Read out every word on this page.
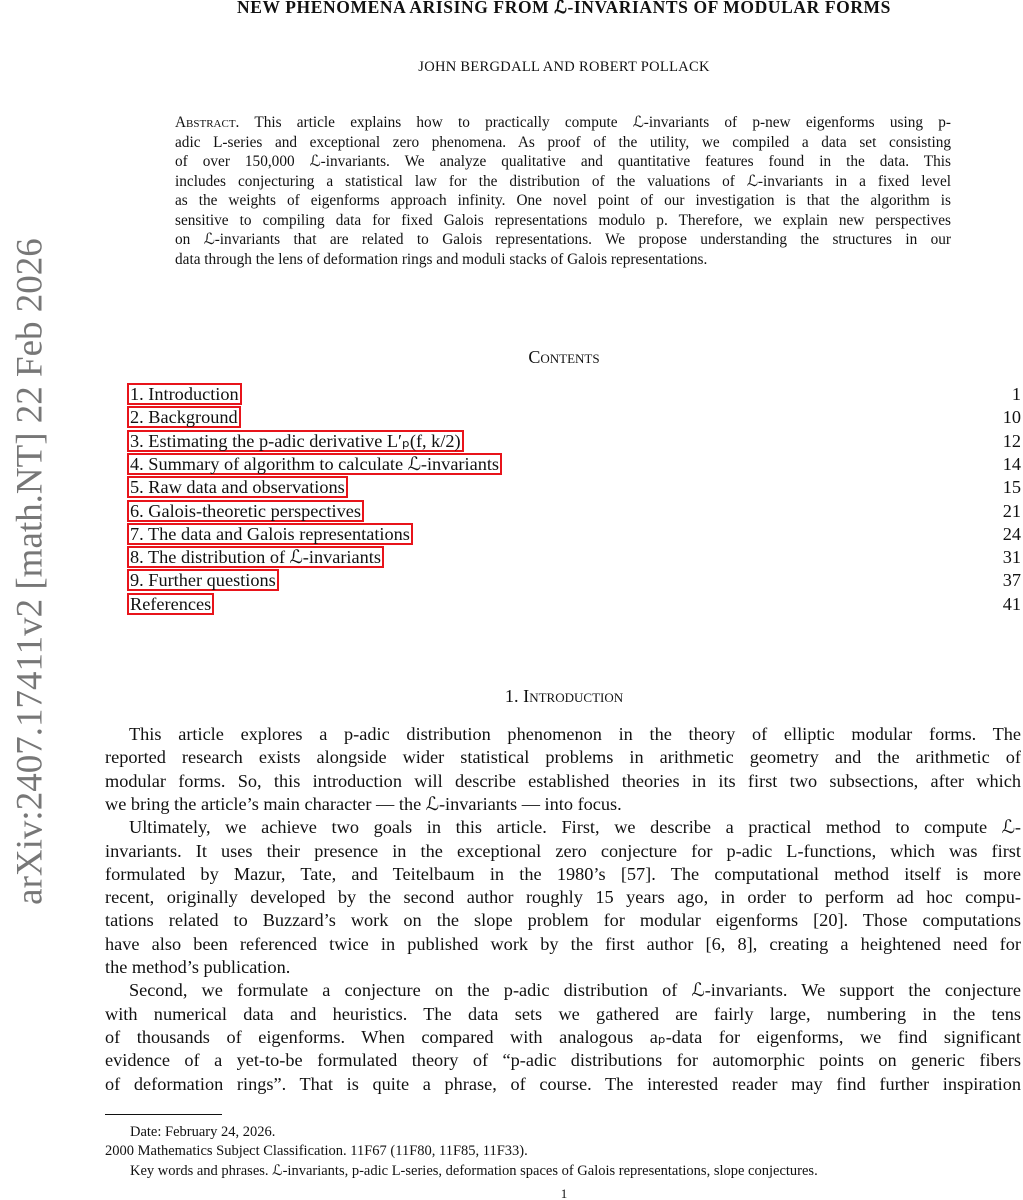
arXiv:2407.17411v2 [math.NT] 22 Feb 2026
NEW PHENOMENA ARISING FROM ℒ-INVARIANTS OF MODULAR FORMS
JOHN BERGDALL AND ROBERT POLLACK
Abstract. This article explains how to practically compute ℒ-invariants of p-new eigenforms using p-
adic L-series and exceptional zero phenomena. As proof of the utility, we compiled a data set consisting
of over 150,000 ℒ-invariants. We analyze qualitative and quantitative features found in the data. This
includes conjecturing a statistical law for the distribution of the valuations of ℒ-invariants in a fixed level
as the weights of eigenforms approach infinity. One novel point of our investigation is that the algorithm is
sensitive to compiling data for fixed Galois representations modulo p. Therefore, we explain new perspectives
on ℒ-invariants that are related to Galois representations. We propose understanding the structures in our
data through the lens of deformation rings and moduli stacks of Galois representations.
Contents
1. Introduction	1
2. Background	10
3. Estimating the p-adic derivative L′ₚ(f, k/2)	12
4. Summary of algorithm to calculate ℒ-invariants	14
5. Raw data and observations	15
6. Galois-theoretic perspectives	21
7. The data and Galois representations	24
8. The distribution of ℒ-invariants	31
9. Further questions	37
References	41
1. Introduction
This article explores a p-adic distribution phenomenon in the theory of elliptic modular forms. The
reported research exists alongside wider statistical problems in arithmetic geometry and the arithmetic of
modular forms. So, this introduction will describe established theories in its first two subsections, after which
we bring the article’s main character — the ℒ-invariants — into focus.
Ultimately, we achieve two goals in this article. First, we describe a practical method to compute ℒ-
invariants. It uses their presence in the exceptional zero conjecture for p-adic L-functions, which was first
formulated by Mazur, Tate, and Teitelbaum in the 1980’s [57]. The computational method itself is more
recent, originally developed by the second author roughly 15 years ago, in order to perform ad hoc compu-
tations related to Buzzard’s work on the slope problem for modular eigenforms [20]. Those computations
have also been referenced twice in published work by the first author [6, 8], creating a heightened need for
the method’s publication.
Second, we formulate a conjecture on the p-adic distribution of ℒ-invariants. We support the conjecture
with numerical data and heuristics. The data sets we gathered are fairly large, numbering in the tens
of thousands of eigenforms. When compared with analogous aₚ-data for eigenforms, we find significant
evidence of a yet-to-be formulated theory of “p-adic distributions for automorphic points on generic fibers
of deformation rings”. That is quite a phrase, of course. The interested reader may find further inspiration
Date: February 24, 2026.
2000 Mathematics Subject Classification. 11F67 (11F80, 11F85, 11F33).
Key words and phrases. ℒ-invariants, p-adic L-series, deformation spaces of Galois representations, slope conjectures.
1
